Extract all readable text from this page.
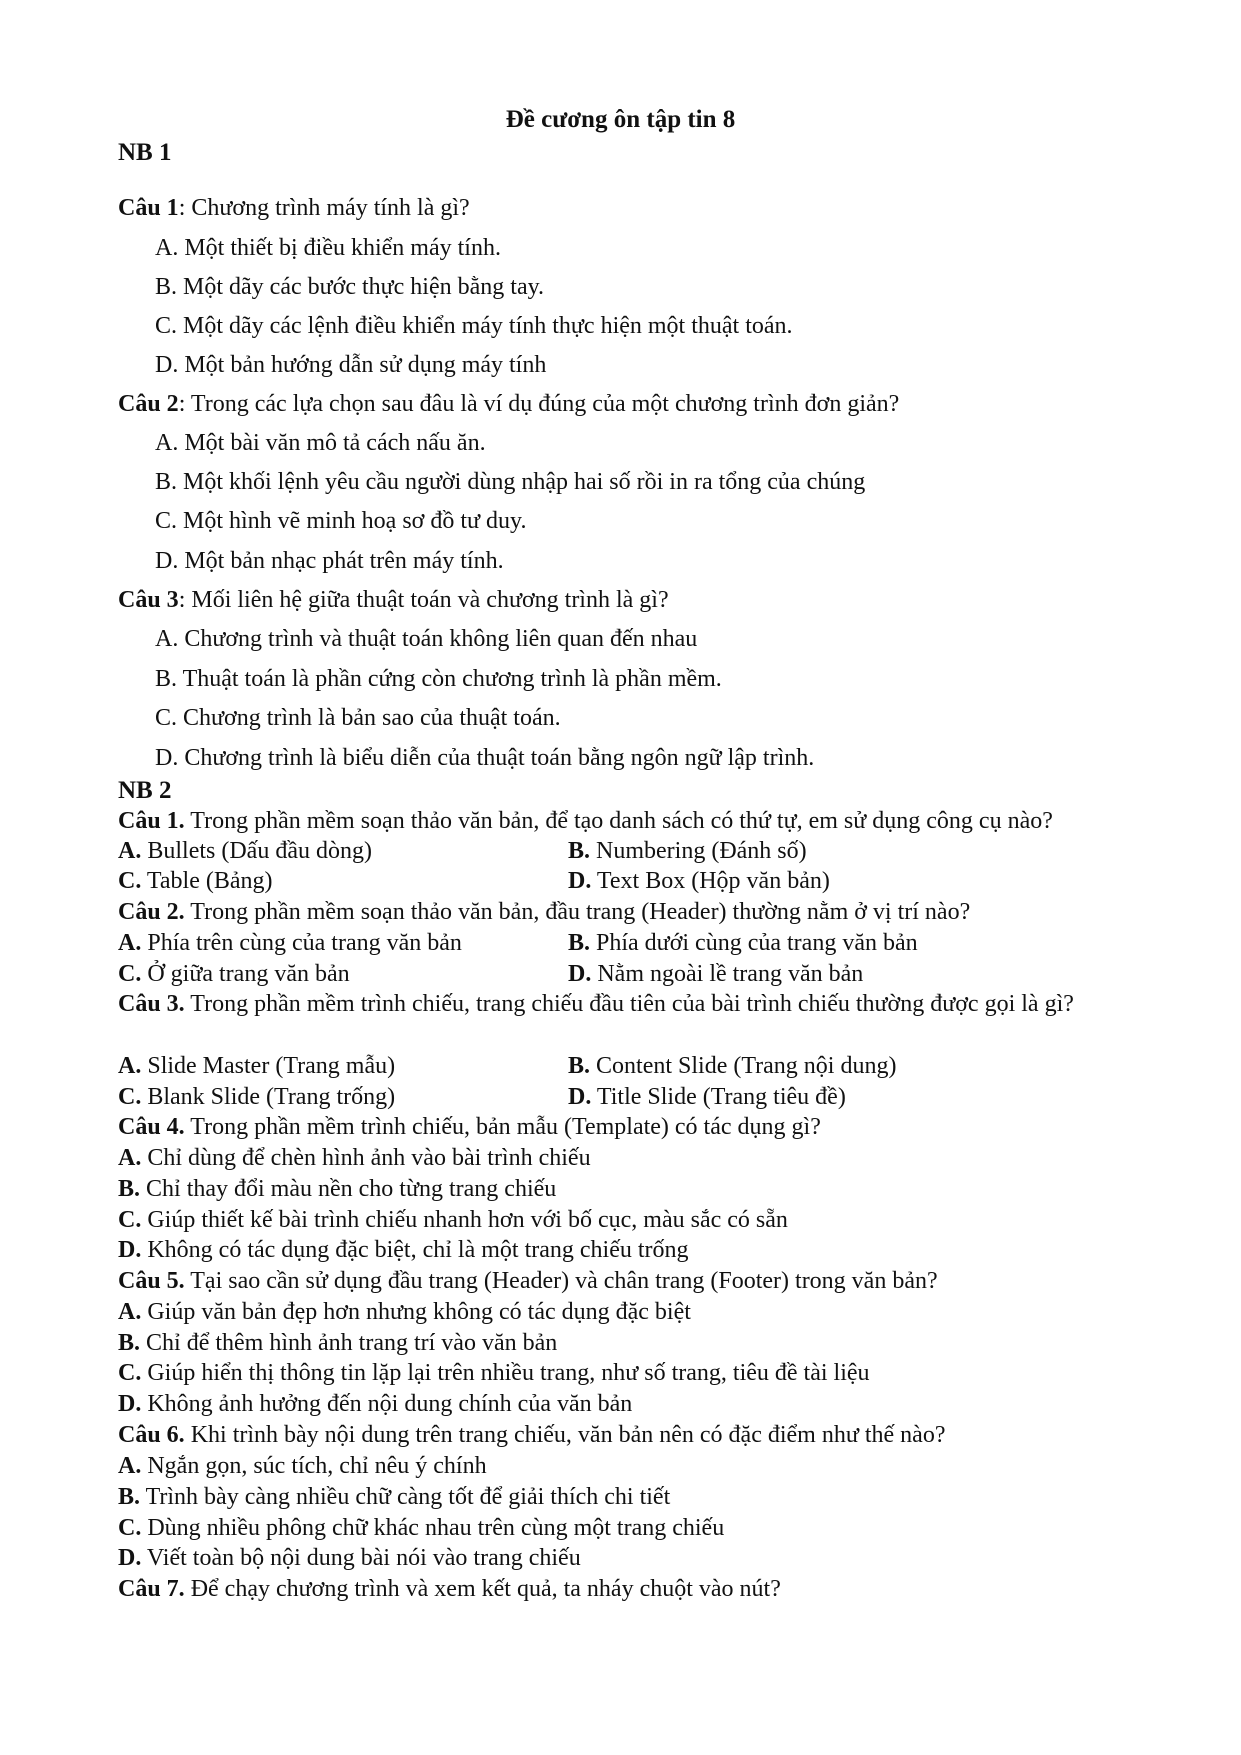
Đề cương ôn tập tin 8
NB 1
Câu 1: Chương trình máy tính là gì?
A. Một thiết bị điều khiển máy tính.
B. Một dãy các bước thực hiện bằng tay.
C. Một dãy các lệnh điều khiển máy tính thực hiện một thuật toán.
D. Một bản hướng dẫn sử dụng máy tính
Câu 2: Trong các lựa chọn sau đâu là ví dụ đúng của một chương trình đơn giản?
A. Một bài văn mô tả cách nấu ăn.
B. Một khối lệnh yêu cầu người dùng nhập hai số rồi in ra tổng của chúng
C. Một hình vẽ minh hoạ sơ đồ tư duy.
D. Một bản nhạc phát trên máy tính.
Câu 3: Mối liên hệ giữa thuật toán và chương trình là gì?
A. Chương trình và thuật toán không liên quan đến nhau
B. Thuật toán là phần cứng còn chương trình là phần mềm.
C. Chương trình là bản sao của thuật toán.
D. Chương trình là biểu diễn của thuật toán bằng ngôn ngữ lập trình.
NB 2
Câu 1. Trong phần mềm soạn thảo văn bản, để tạo danh sách có thứ tự, em sử dụng công cụ nào?
A. Bullets (Dấu đầu dòng)	B. Numbering (Đánh số)
C. Table (Bảng)	D. Text Box (Hộp văn bản)
Câu 2. Trong phần mềm soạn thảo văn bản, đầu trang (Header) thường nằm ở vị trí nào?
A. Phía trên cùng của trang văn bản	B. Phía dưới cùng của trang văn bản
C. Ở giữa trang văn bản	D. Nằm ngoài lề trang văn bản
Câu 3. Trong phần mềm trình chiếu, trang chiếu đầu tiên của bài trình chiếu thường được gọi là gì?
A. Slide Master (Trang mẫu)	B. Content Slide (Trang nội dung)
C. Blank Slide (Trang trống)	D. Title Slide (Trang tiêu đề)
Câu 4. Trong phần mềm trình chiếu, bản mẫu (Template) có tác dụng gì?
A. Chỉ dùng để chèn hình ảnh vào bài trình chiếu
B. Chỉ thay đổi màu nền cho từng trang chiếu
C. Giúp thiết kế bài trình chiếu nhanh hơn với bố cục, màu sắc có sẵn
D. Không có tác dụng đặc biệt, chỉ là một trang chiếu trống
Câu 5. Tại sao cần sử dụng đầu trang (Header) và chân trang (Footer) trong văn bản?
A. Giúp văn bản đẹp hơn nhưng không có tác dụng đặc biệt
B. Chỉ để thêm hình ảnh trang trí vào văn bản
C. Giúp hiển thị thông tin lặp lại trên nhiều trang, như số trang, tiêu đề tài liệu
D. Không ảnh hưởng đến nội dung chính của văn bản
Câu 6. Khi trình bày nội dung trên trang chiếu, văn bản nên có đặc điểm như thế nào?
A. Ngắn gọn, súc tích, chỉ nêu ý chính
B. Trình bày càng nhiều chữ càng tốt để giải thích chi tiết
C. Dùng nhiều phông chữ khác nhau trên cùng một trang chiếu
D. Viết toàn bộ nội dung bài nói vào trang chiếu
Câu 7. Để chạy chương trình và xem kết quả, ta nháy chuột vào nút?
